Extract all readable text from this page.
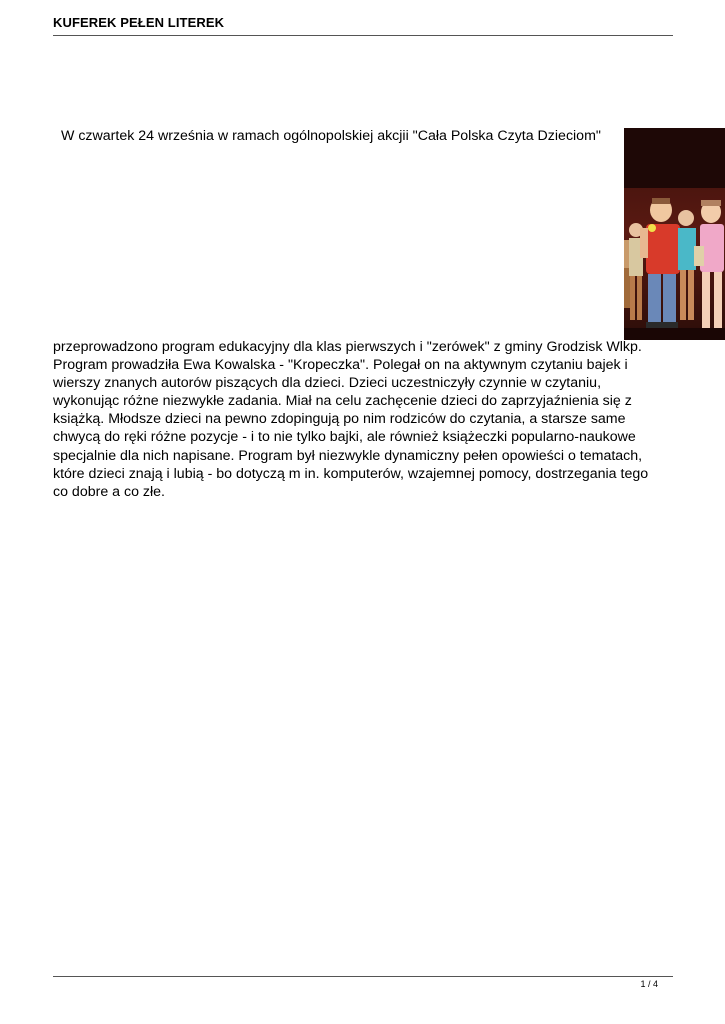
KUFEREK PEŁEN LITEREK
W czwartek 24 września w ramach ogólnopolskiej akcjii "Cała Polska Czyta Dzieciom"
przeprowadzono program edukacyjny dla klas pierwszych i "zerówek" z gminy Grodzisk Wlkp.
Program prowadziła Ewa Kowalska - "Kropeczka". Polegał on na aktywnym czytaniu bajek i
wierszy znanych autorów piszących dla dzieci. Dzieci uczestniczyły czynnie w czytaniu,
wykonując różne niezwykłe zadania. Miał na celu zachęcenie dzieci do zaprzyjaźnienia się z
książką. Młodsze dzieci na pewno zdopingują po nim rodziców do czytania, a starsze same
chwycą do ręki różne pozycje - i to nie tylko bajki, ale również książeczki popularno-naukowe
specjalnie dla nich napisane. Program był niezwykle dynamiczny pełen opowieści o tematach,
które dzieci znają i lubią - bo dotyczą m in. komputerów, wzajemnej pomocy, dostrzegania tego
co dobre a co złe.
1 / 4
